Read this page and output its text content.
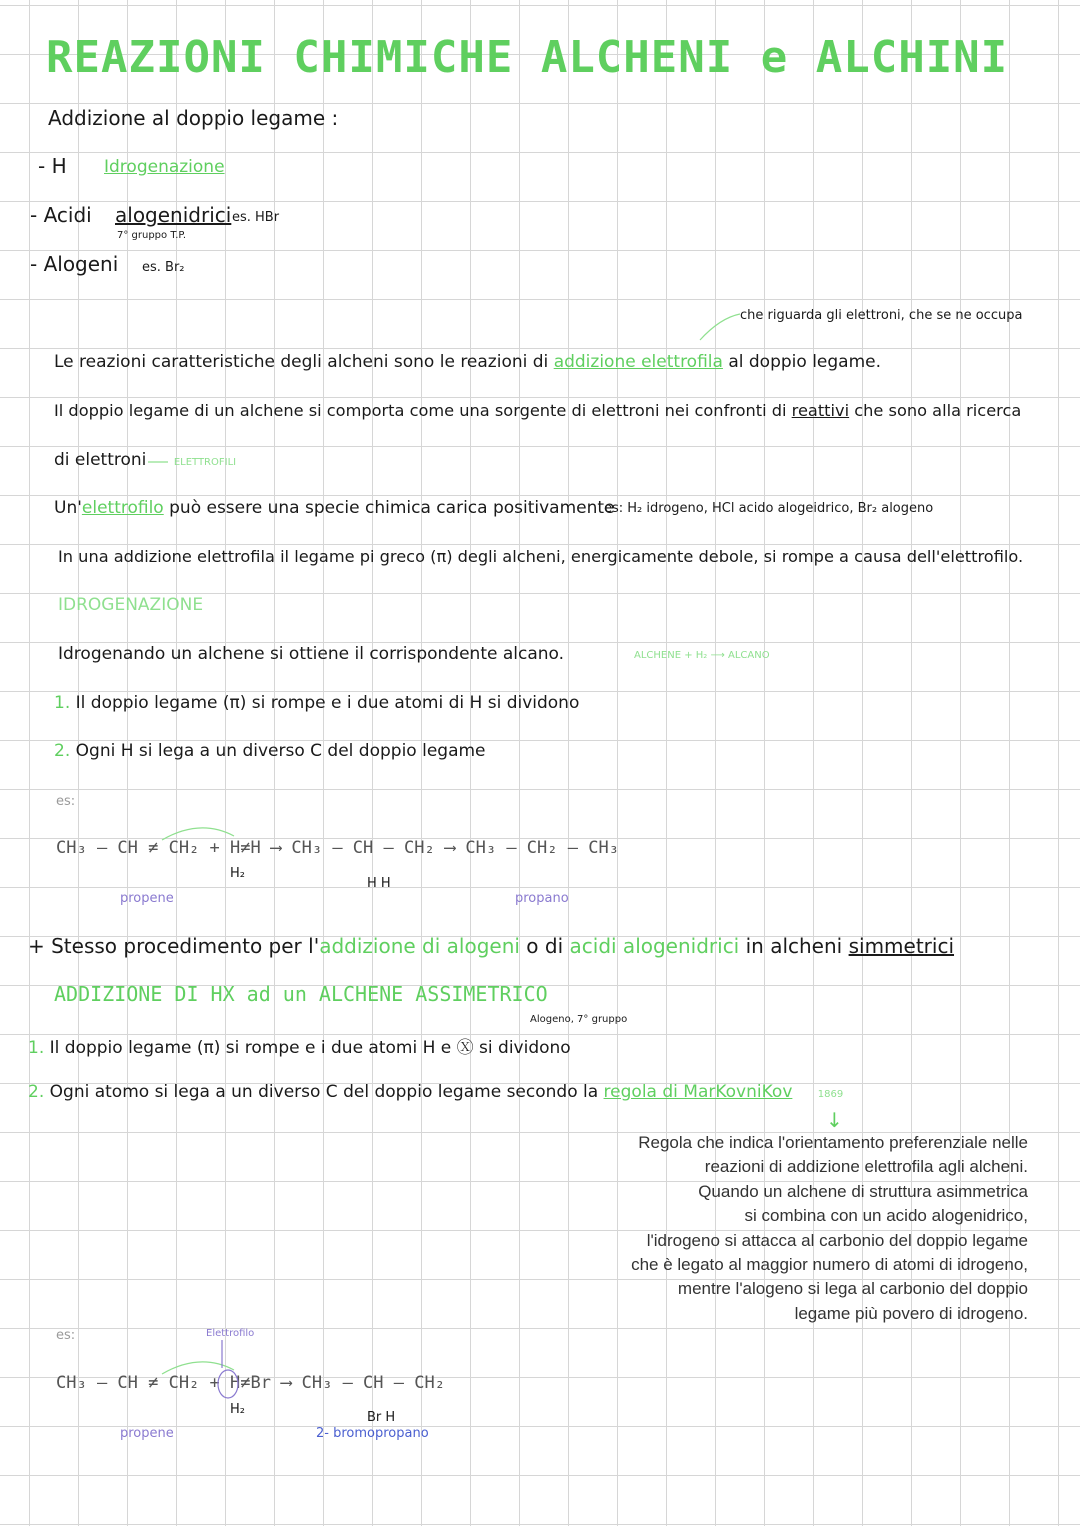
REAZIONI CHIMICHE ALCHENI e ALCHINI
Addizione al doppio legame :
- H Idrogenazione
- Acidi alogenidrici
7° gruppo T.P.
es. HBr
- Alogeni es. Br₂
che riguarda gli elettroni, che se ne occupa
Le reazioni caratteristiche degli alcheni sono le reazioni di addizione elettrofila al doppio legame.
Il doppio legame di un alchene si comporta come una sorgente di elettroni nei confronti di reattivi che sono alla ricerca
di elettroni	ELETTROFILI
Un'elettrofilo può essere una specie chimica carica positivamente
es: H₂ idrogeno, HCl acido alogeidrico, Br₂ alogeno
In una addizione elettrofila il legame pi greco (π) degli alcheni, energicamente debole, si rompe a causa dell'elettrofilo.
IDROGENAZIONE
Idrogenando un alchene si ottiene il corrispondente alcano.	ALCHENE + H₂ ⟶ ALCANO
1. Il doppio legame (π) si rompe e i due atomi di H si dividono
2. Ogni H si lega a un diverso C del doppio legame
es:
CH₃ – CH ≠ CH₂ + H≠H ⟶ CH₃ – CH – CH₂ ⟶ CH₃ – CH₂ – CH₃
H₂
H H
propene	propano
+ Stesso procedimento per l'addizione di alogeni o di acidi alogenidrici in alcheni simmetrici
ADDIZIONE DI HX ad un ALCHENE ASSIMETRICO
Alogeno, 7° gruppo
1. Il doppio legame (π) si rompe e i due atomi H e Ⓧ si dividono
2. Ogni atomo si lega a un diverso C del doppio legame secondo la regola di MarKovniKov	1869
↓
Regola che indica l'orientamento preferenziale nelle
reazioni di addizione elettrofila agli alcheni.
Quando un alchene di struttura asimmetrica
si combina con un acido alogenidrico,
l'idrogeno si attacca al carbonio del doppio legame
che è legato al maggior numero di atomi di idrogeno,
mentre l'alogeno si lega al carbonio del doppio
legame più povero di idrogeno.
es:	Elettrofilo
CH₃ – CH ≠ CH₂ + H≠Br ⟶ CH₃ – CH – CH₂
H₂
Br H
propene	2- bromopropano
